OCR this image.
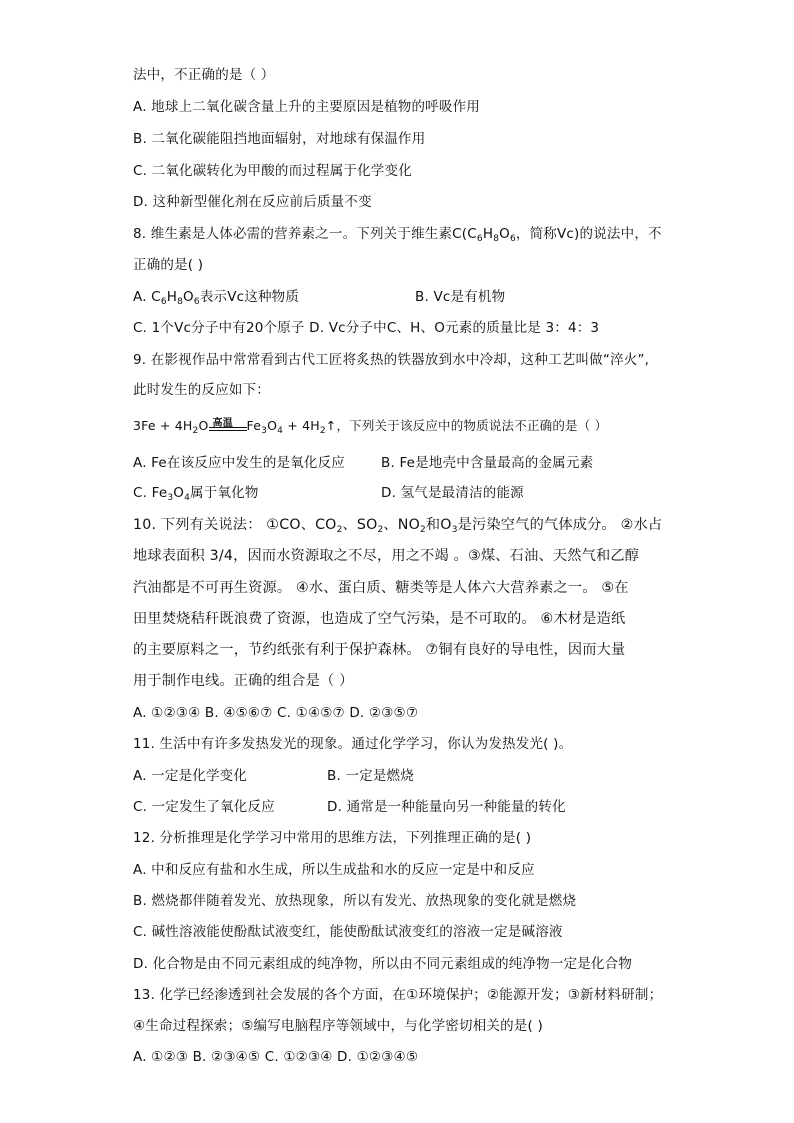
法中，不正确的是（ ）
A. 地球上二氧化碳含量上升的主要原因是植物的呼吸作用
B. 二氧化碳能阻挡地面辐射，对地球有保温作用
C. 二氧化碳转化为甲酸的而过程属于化学变化
D. 这种新型催化剂在反应前后质量不变
8. 维生素是人体必需的营养素之一。下列关于维生素$C(C_6H_8O_6$，简称Vc)的说法中，不
正确的是( )
A. $C_6H_8O_6$表示Vc这种物质	B. Vc是有机物
C. 1个Vc分子中有20个原子 D. Vc分子中C、H、O元素的质量比是 3：4：3
9. 在影视作品中常常看到古代工匠将炙热的铁器放到水中冷却，这种工艺叫做“淬火”,
此时发生的反应如下：
$3Fe + 4H_2O$ 高温 $Fe_3O_4$ + $4H_2↑$，下列关于该反应中的物质说法不正确的是（ ）
A. Fe在该反应中发生的是氧化反应	B. Fe是地壳中含量最高的金属元素
C. $Fe_3O_4$属于氧化物	D. 氢气是最清洁的能源
10. 下列有关说法： ①CO、$CO_2$、$SO_2$、$NO_2$和$O_3$是污染空气的气体成分。 ②水占
地球表面积 3/4，因而水资源取之不尽，用之不竭 。③煤、石油、天然气和乙醇
汽油都是不可再生资源。 ④水、蛋白质、糖类等是人体六大营养素之一。 ⑤在
田里焚烧秸秆既浪费了资源，也造成了空气污染，是不可取的。 ⑥木材是造纸
的主要原料之一，节约纸张有利于保护森林。 ⑦铜有良好的导电性，因而大量
用于制作电线。正确的组合是（ ）
A. ①②③④ B. ④⑤⑥⑦ C. ①④⑤⑦ D. ②③⑤⑦
11. 生活中有许多发热发光的现象。通过化学学习，你认为发热发光( )。
A. 一定是化学变化	B. 一定是燃烧
C. 一定发生了氧化反应	D. 通常是一种能量向另一种能量的转化
12. 分析推理是化学学习中常用的思维方法，下列推理正确的是( )
A. 中和反应有盐和水生成，所以生成盐和水的反应一定是中和反应
B. 燃烧都伴随着发光、放热现象，所以有发光、放热现象的变化就是燃烧
C. 碱性溶液能使酚酞试液变红，能使酚酞试液变红的溶液一定是碱溶液
D. 化合物是由不同元素组成的纯净物，所以由不同元素组成的纯净物一定是化合物
13. 化学已经渗透到社会发展的各个方面，在①环境保护；②能源开发；③新材料研制；
④生命过程探索；⑤编写电脑程序等领域中，与化学密切相关的是( )
A. ①②③ B. ②③④⑤ C. ①②③④ D. ①②③④⑤
